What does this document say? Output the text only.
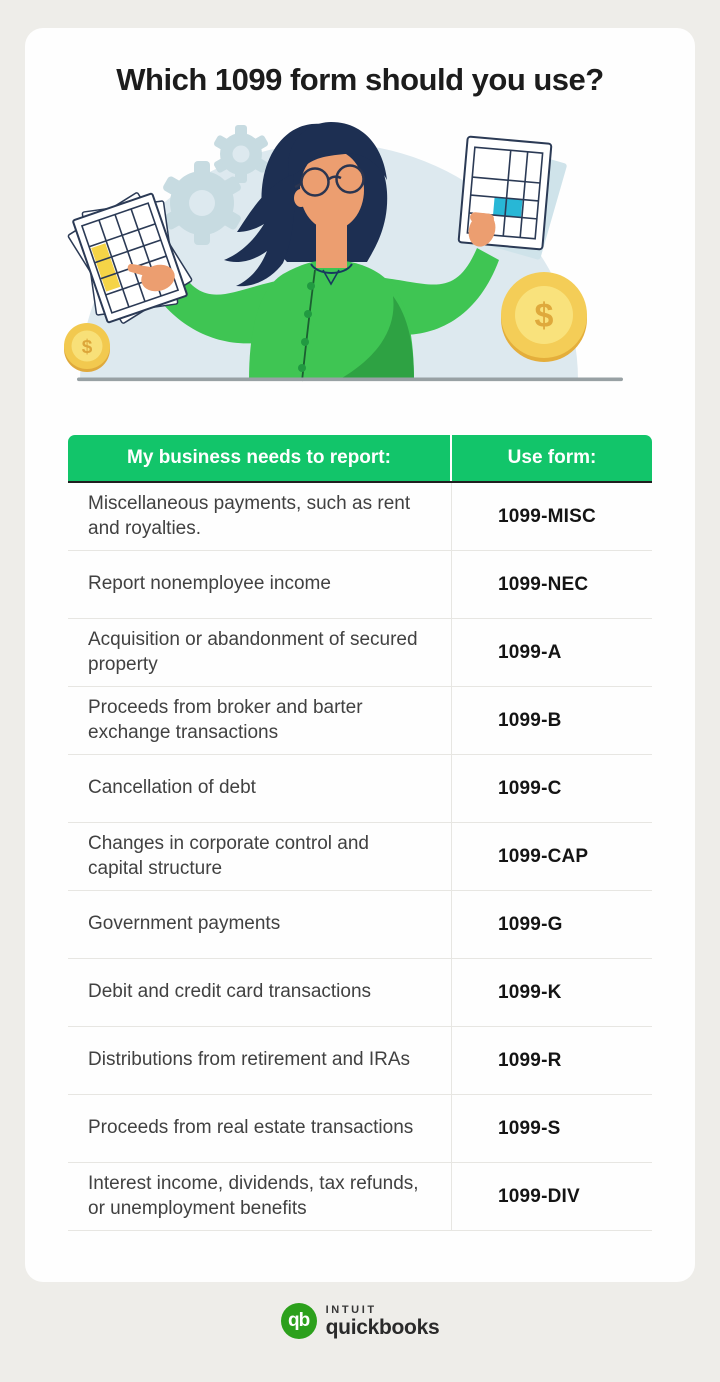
Which 1099 form should you use?
$
$
My business needs to report:	Use form:
Miscellaneous payments, such as rent and royalties.
1099-MISC
Report nonemployee income	1099-NEC
Acquisition or abandonment of secured property
1099-A
Proceeds from broker and barter exchange transactions
1099-B
Cancellation of debt	1099-C
Changes in corporate control and capital structure
1099-CAP
Government payments	1099-G
Debit and credit card transactions	1099-K
Distributions from retirement and IRAs	1099-R
Proceeds from real estate transactions	1099-S
Interest income, dividends, tax refunds, or unemployment benefits
1099-DIV
qb
INTUIT
quickbooks
